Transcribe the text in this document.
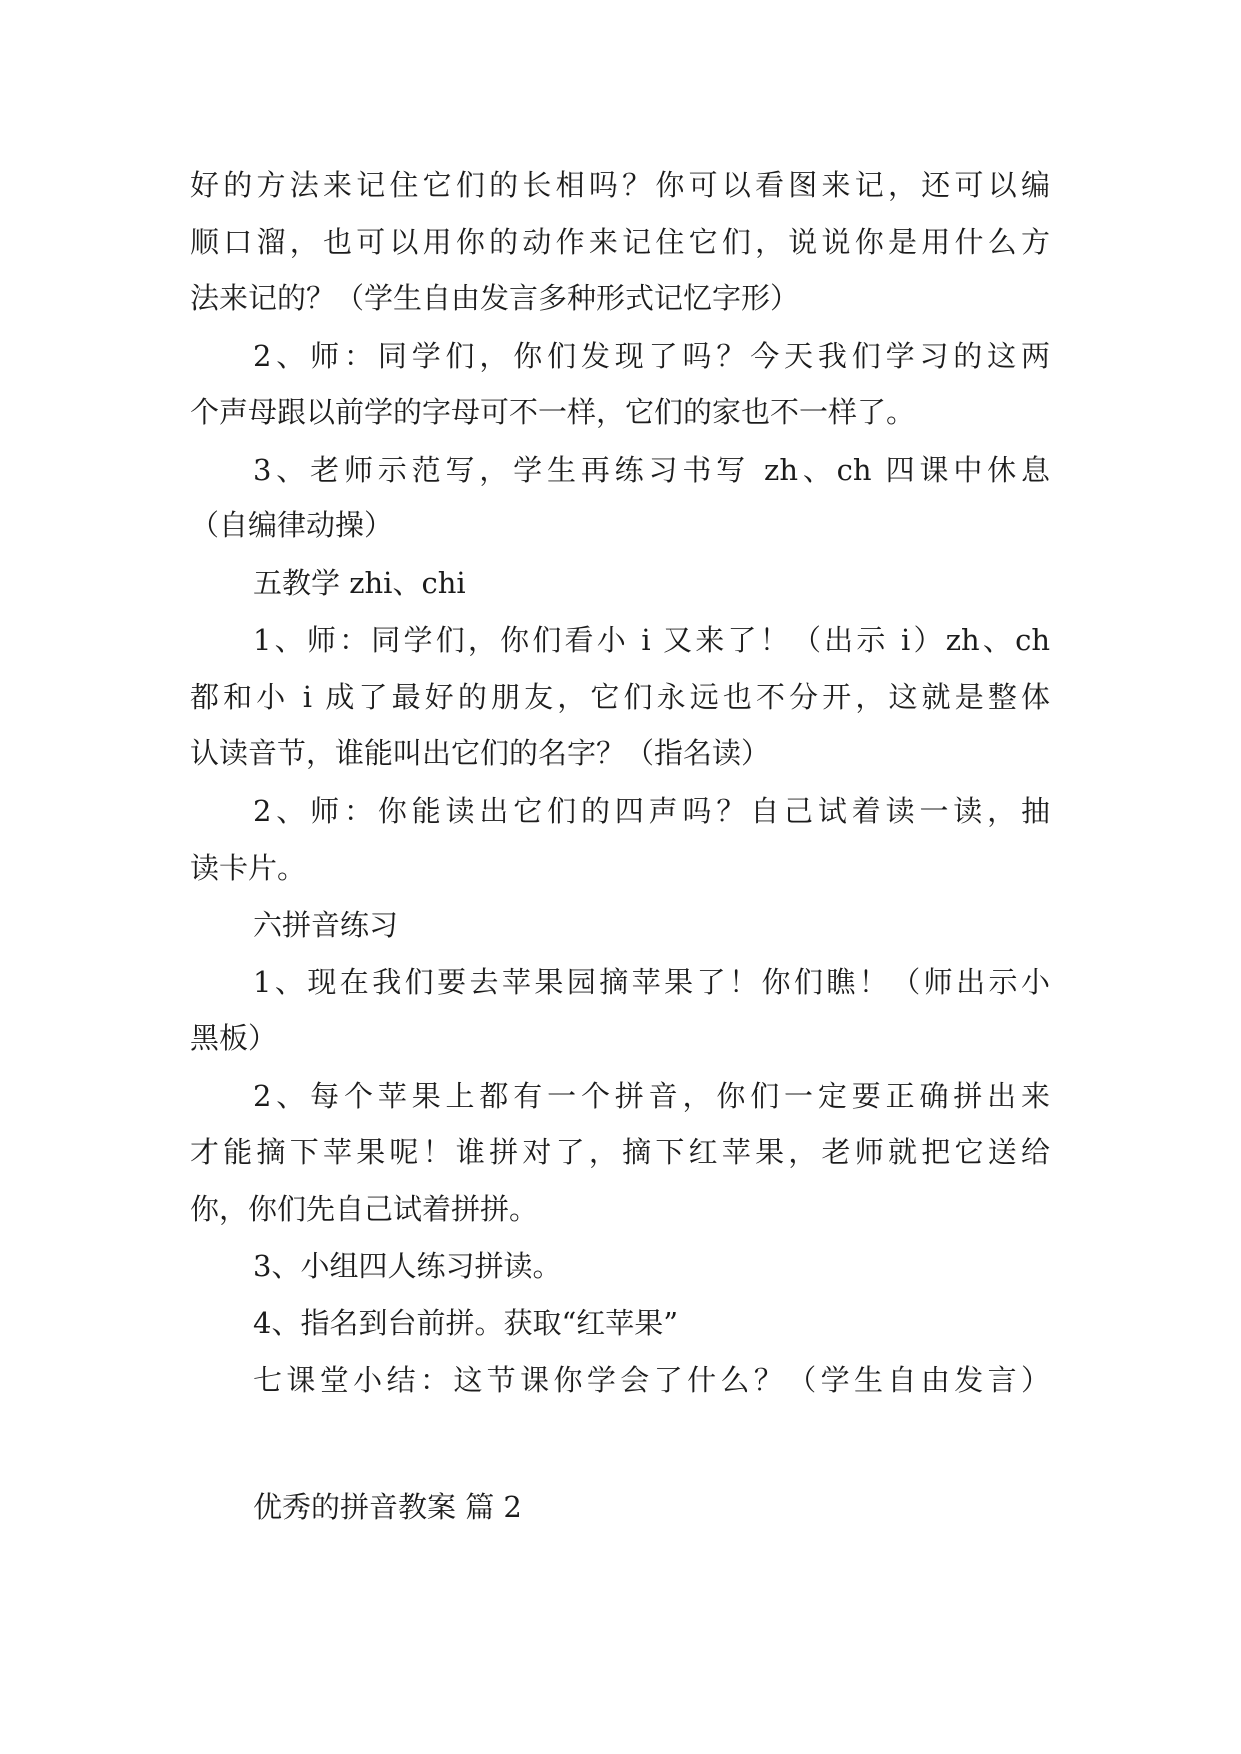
好的方法来记住它们的长相吗？你可以看图来记，还可以编

顺口溜，也可以用你的动作来记住它们，说说你是用什么方

法来记的？（学生自由发言多种形式记忆字形）

2、师：同学们，你们发现了吗？今天我们学习的这两

个声母跟以前学的字母可不一样，它们的家也不一样了。

3、老师示范写，学生再练习书写 zh、ch 四课中休息

（自编律动操）

五教学 zhi、chi

1、师：同学们，你们看小 i 又来了！（出示 i）zh、ch

都和小 i 成了最好的朋友，它们永远也不分开，这就是整体

认读音节，谁能叫出它们的名字？（指名读）

2、师：你能读出它们的四声吗？自己试着读一读，抽

读卡片。

六拼音练习

1、现在我们要去苹果园摘苹果了！你们瞧！（师出示小

黑板）

2、每个苹果上都有一个拼音，你们一定要正确拼出来

才能摘下苹果呢！谁拼对了，摘下红苹果，老师就把它送给

你，你们先自己试着拼拼。

3、小组四人练习拼读。

4、指名到台前拼。获取“红苹果”

七课堂小结：这节课你学会了什么？（学生自由发言）

优秀的拼音教案 篇 2
